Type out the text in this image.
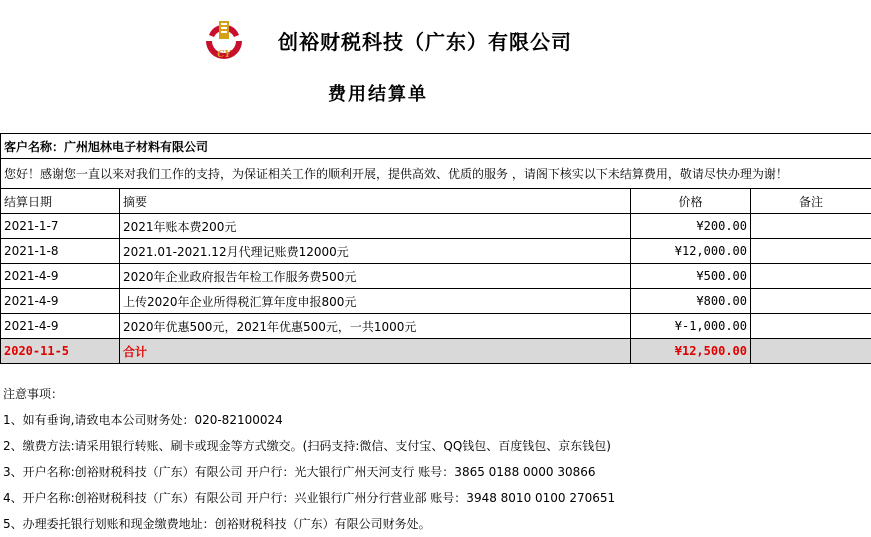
CY
创裕财税科技（广东）有限公司
费用结算单
客户名称：广州旭林电子材料有限公司			
您好！感谢您一直以来对我们工作的支持，为保证相关工作的顺利开展，提供高效、优质的服务 ，请阁下核实以下未结算费用，敬请尽快办理为谢！			
结算日期	摘要	价格	备注
2021-1-7	2021年账本费200元	¥200.00	
2021-1-8	2021.01-2021.12月代理记账费12000元	¥12,000.00	
2021-4-9	2020年企业政府报告年检工作服务费500元	¥500.00	
2021-4-9	上传2020年企业所得税汇算年度申报800元	¥800.00	
2021-4-9	2020年优惠500元，2021年优惠500元，一共1000元	¥-1,000.00	
2020-11-5	合计	¥12,500.00	
注意事项：
1、如有垂询,请致电本公司财务处：020-82100024
2、缴费方法:请采用银行转账、刷卡或现金等方式缴交。(扫码支持:微信、支付宝、QQ钱包、百度钱包、京东钱包)
3、开户名称:创裕财税科技（广东）有限公司 开户行：光大银行广州天河支行 账号：3865 0188 0000 30866
4、开户名称:创裕财税科技（广东）有限公司 开户行：兴业银行广州分行营业部 账号：3948 8010 0100 270651
5、办理委托银行划账和现金缴费地址：创裕财税科技（广东）有限公司财务处。
